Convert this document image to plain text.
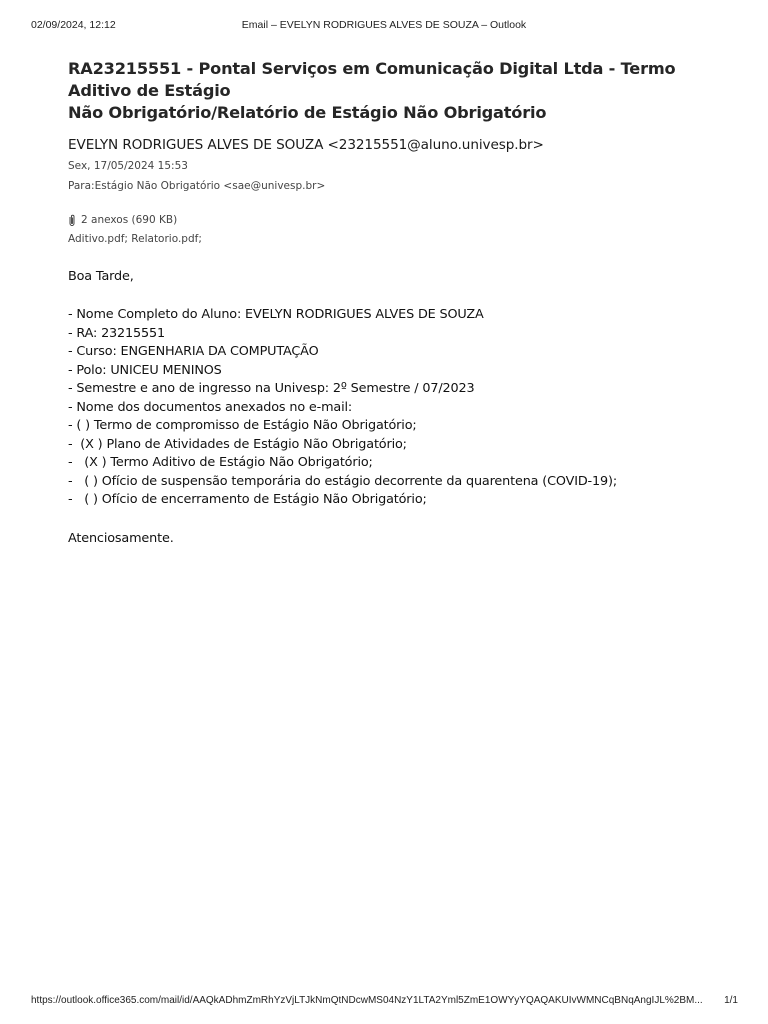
02/09/2024, 12:12	Email – EVELYN RODRIGUES ALVES DE SOUZA – Outlook
RA23215551 - Pontal Serviços em Comunicação Digital Ltda - Termo Aditivo de Estágio
Não Obrigatório/Relatório de Estágio Não Obrigatório
EVELYN RODRIGUES ALVES DE SOUZA <23215551@aluno.univesp.br>
Sex, 17/05/2024 15:53
Para:Estágio Não Obrigatório <sae@univesp.br>
2 anexos (690 KB)
Aditivo.pdf; Relatorio.pdf;
Boa Tarde,
- Nome Completo do Aluno: EVELYN RODRIGUES ALVES DE SOUZA
- RA: 23215551
- Curso: ENGENHARIA DA COMPUTAÇÃO
- Polo: UNICEU MENINOS
- Semestre e ano de ingresso na Univesp: 2º Semestre / 07/2023
- Nome dos documentos anexados no e-mail:
- ( ) Termo de compromisso de Estágio Não Obrigatório;
-  (X ) Plano de Atividades de Estágio Não Obrigatório;
-   (X ) Termo Aditivo de Estágio Não Obrigatório;
-   ( ) Ofício de suspensão temporária do estágio decorrente da quarentena (COVID-19);
-   ( ) Ofício de encerramento de Estágio Não Obrigatório;
Atenciosamente.
https://outlook.office365.com/mail/id/AAQkADhmZmRhYzVjLTJkNmQtNDcwMS04NzY1LTA2Yml5ZmE1OWYyYQAQAKUIvWMNCqBNqAngIJL%2BM...	1/1
